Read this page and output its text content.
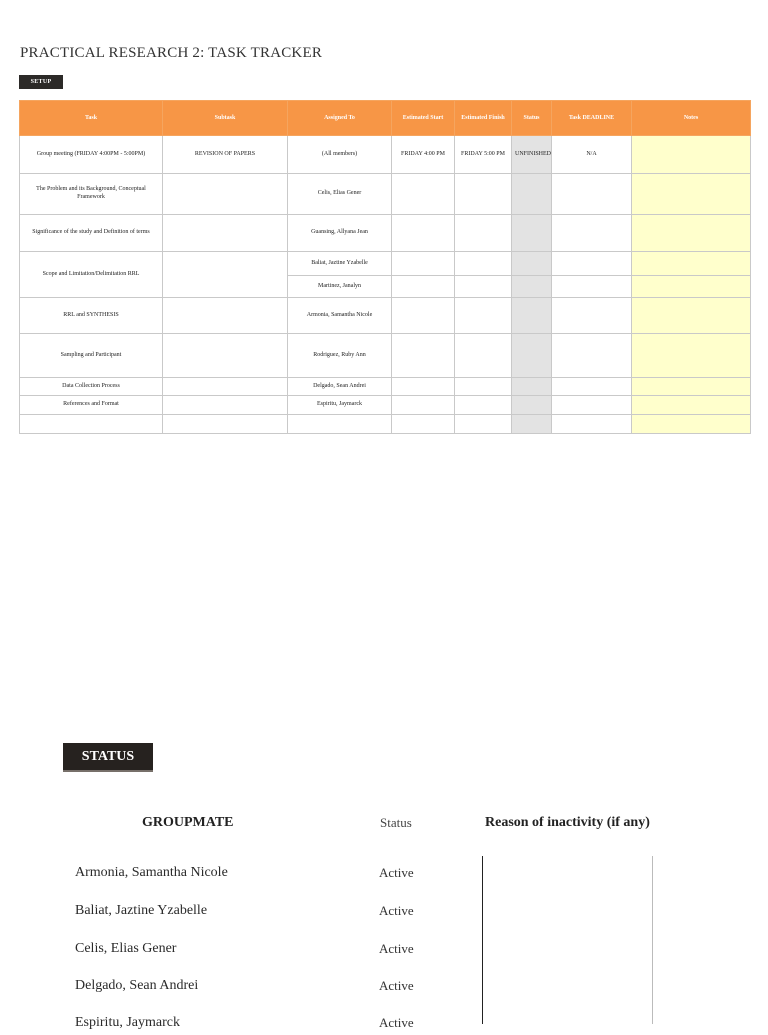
PRACTICAL RESEARCH 2: TASK TRACKER
SETUP
Task	Subtask	Assigned To	Estimated Start	Estimated Finish	Status	Task DEADLINE	Notes
Group meeting (FRIDAY 4:00PM - 5:00PM)	REVISION OF PAPERS	(All members)	FRIDAY 4:00 PM	FRIDAY 5:00 PM	UNFINISHED	N/A	
The Problem and its Background, Conceptual Framework		Celis, Elias Gener					
Significance of the study and Definition of terms		Guansing, Allyana Jean					
Scope and Limitation/Delimitation RRL		Baliat, Jaztine Yzabelle					
		Martinez, Janalyn					
RRL and SYNTHESIS		Armonia, Samantha Nicole					
Sampling and Participant		Rodriguez, Ruby Ann					
Data Collection Process		Delgado, Sean Andrei					
References and Format		Espiritu, Jaymarck					

STATUS
GROUPMATE	Status	Reason of inactivity (if any)
Armonia, Samantha Nicole	Active
Baliat, Jaztine Yzabelle	Active
Celis, Elias Gener	Active
Delgado, Sean Andrei	Active
Espiritu, Jaymarck	Active
